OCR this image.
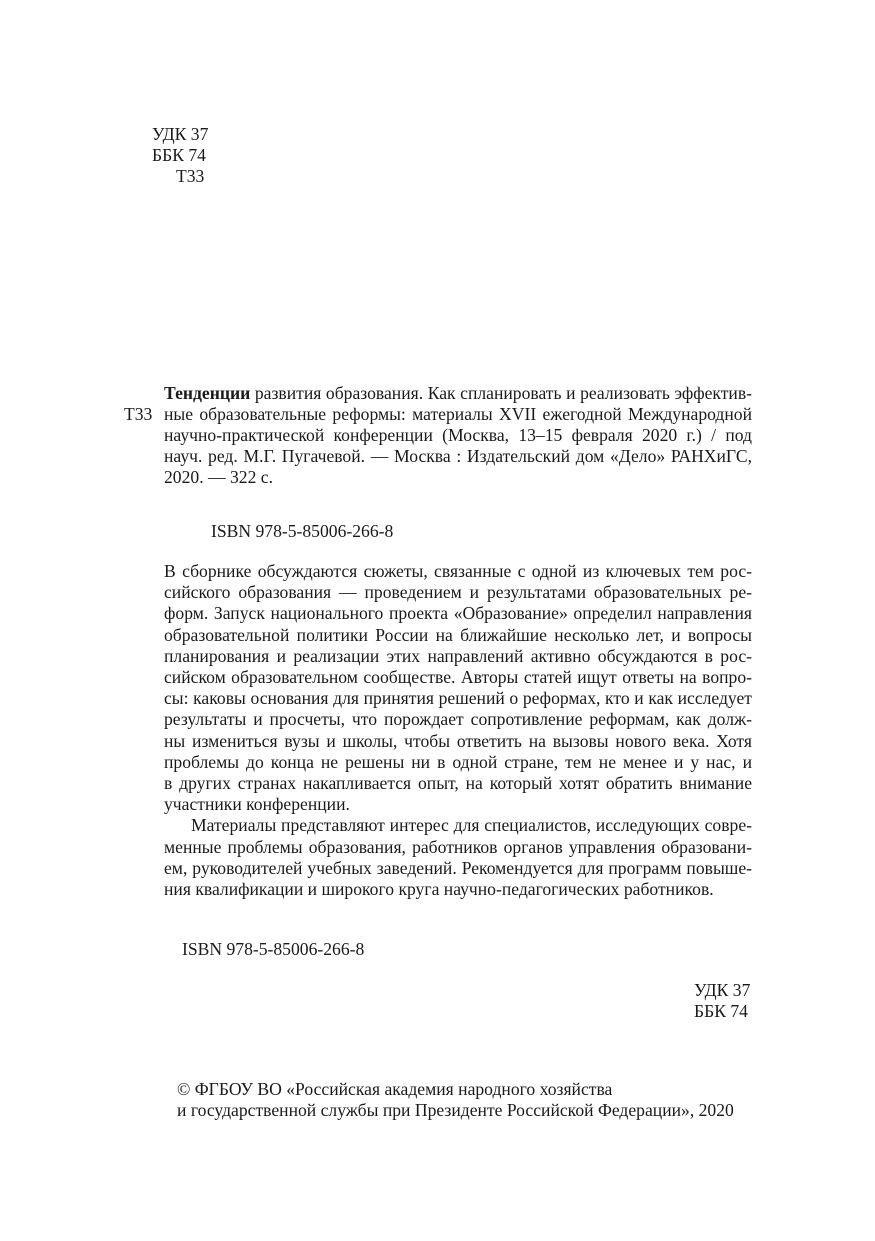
УДК 37
ББК 74
Т33
Т33
Тенденции развития образования. Как спланировать и реализовать эффектив-
ные образовательные реформы: материалы XVII ежегодной Международной
научно-практической конференции (Москва, 13–15 февраля 2020 г.) / под
науч. ред. М.Г. Пугачевой. — Москва : Издательский дом «Дело» РАНХиГС,
2020. — 322 с.
ISBN 978-5-85006-266-8
В сборнике обсуждаются сюжеты, связанные с одной из ключевых тем рос-
сийского образования — проведением и результатами образовательных ре-
форм. Запуск национального проекта «Образование» определил направления
образовательной политики России на ближайшие несколько лет, и вопросы
планирования и реализации этих направлений активно обсуждаются в рос-
сийском образовательном сообществе. Авторы статей ищут ответы на вопро-
сы: каковы основания для принятия решений о реформах, кто и как исследует
результаты и просчеты, что порождает сопротивление реформам, как долж-
ны измениться вузы и школы, чтобы ответить на вызовы нового века. Хотя
проблемы до конца не решены ни в одной стране, тем не менее и у нас, и
в других странах накапливается опыт, на который хотят обратить внимание
участники конференции.
Материалы представляют интерес для специалистов, исследующих совре-
менные проблемы образования, работников органов управления образовани-
ем, руководителей учебных заведений. Рекомендуется для программ повыше-
ния квалификации и широкого круга научно-педагогических работников.
ISBN 978-5-85006-266-8
УДК 37
ББК 74
© ФГБОУ ВО «Российская академия народного хозяйства
и государственной службы при Президенте Российской Федерации», 2020
